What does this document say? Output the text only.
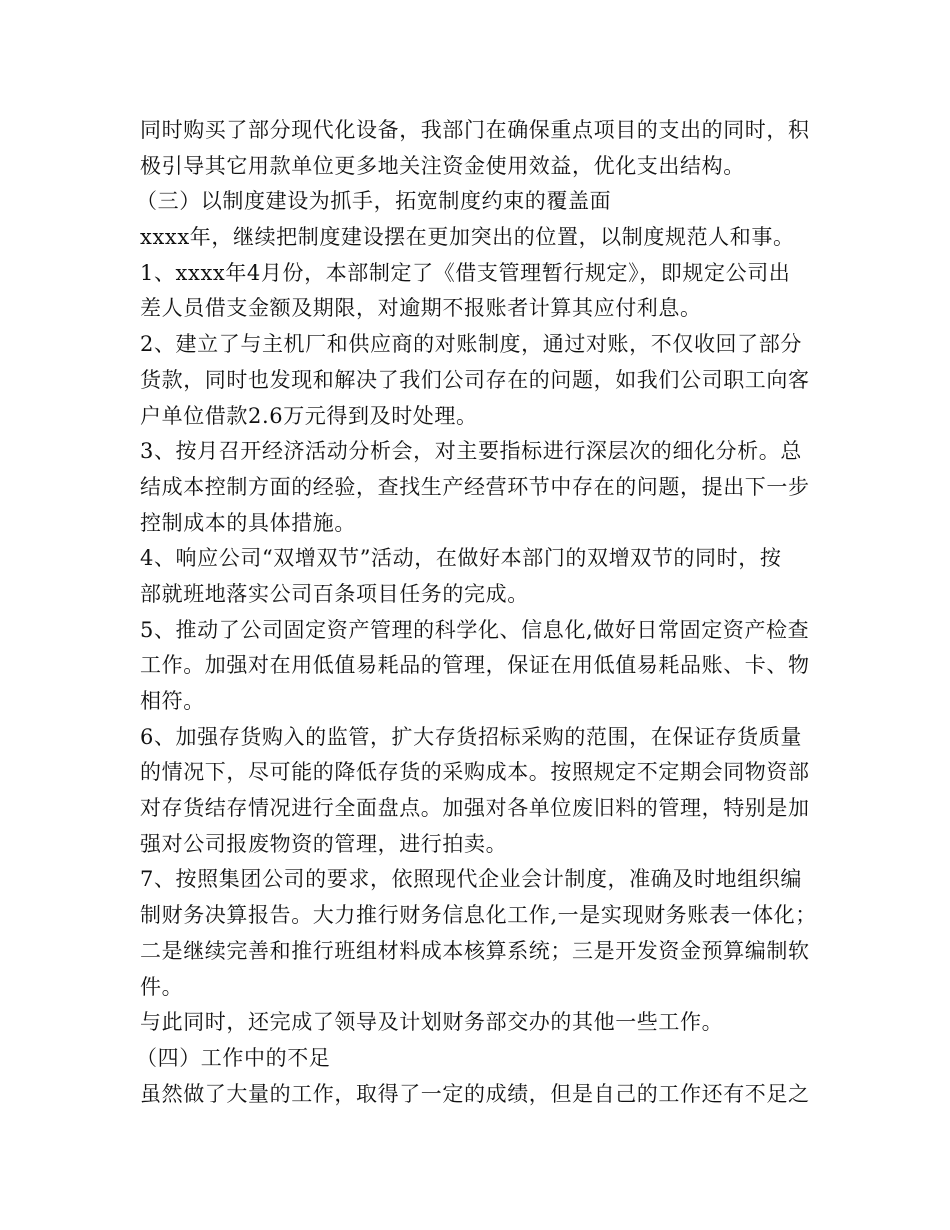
同时购买了部分现代化设备，我部门在确保重点项目的支出的同时，积
极引导其它用款单位更多地关注资金使用效益，优化支出结构。
（三）以制度建设为抓手，拓宽制度约束的覆盖面
xxxx年，继续把制度建设摆在更加突出的位置，以制度规范人和事。
1、xxxx年4月份，本部制定了《借支管理暂行规定》，即规定公司出
差人员借支金额及期限，对逾期不报账者计算其应付利息。
2、建立了与主机厂和供应商的对账制度，通过对账，不仅收回了部分
货款，同时也发现和解决了我们公司存在的问题，如我们公司职工向客
户单位借款2.6万元得到及时处理。
3、按月召开经济活动分析会，对主要指标进行深层次的细化分析。总
结成本控制方面的经验，查找生产经营环节中存在的问题，提出下一步
控制成本的具体措施。
4、响应公司“双增双节”活动，在做好本部门的双增双节的同时，按
部就班地落实公司百条项目任务的完成。
5、推动了公司固定资产管理的科学化、信息化,做好日常固定资产检查
工作。加强对在用低值易耗品的管理，保证在用低值易耗品账、卡、物
相符。
6、加强存货购入的监管，扩大存货招标采购的范围，在保证存货质量
的情况下，尽可能的降低存货的采购成本。按照规定不定期会同物资部
对存货结存情况进行全面盘点。加强对各单位废旧料的管理，特别是加
强对公司报废物资的管理，进行拍卖。
7、按照集团公司的要求，依照现代企业会计制度，准确及时地组织编
制财务决算报告。大力推行财务信息化工作,一是实现财务账表一体化；
二是继续完善和推行班组材料成本核算系统；三是开发资金预算编制软
件。
与此同时，还完成了领导及计划财务部交办的其他一些工作。
（四）工作中的不足
虽然做了大量的工作，取得了一定的成绩，但是自己的工作还有不足之
